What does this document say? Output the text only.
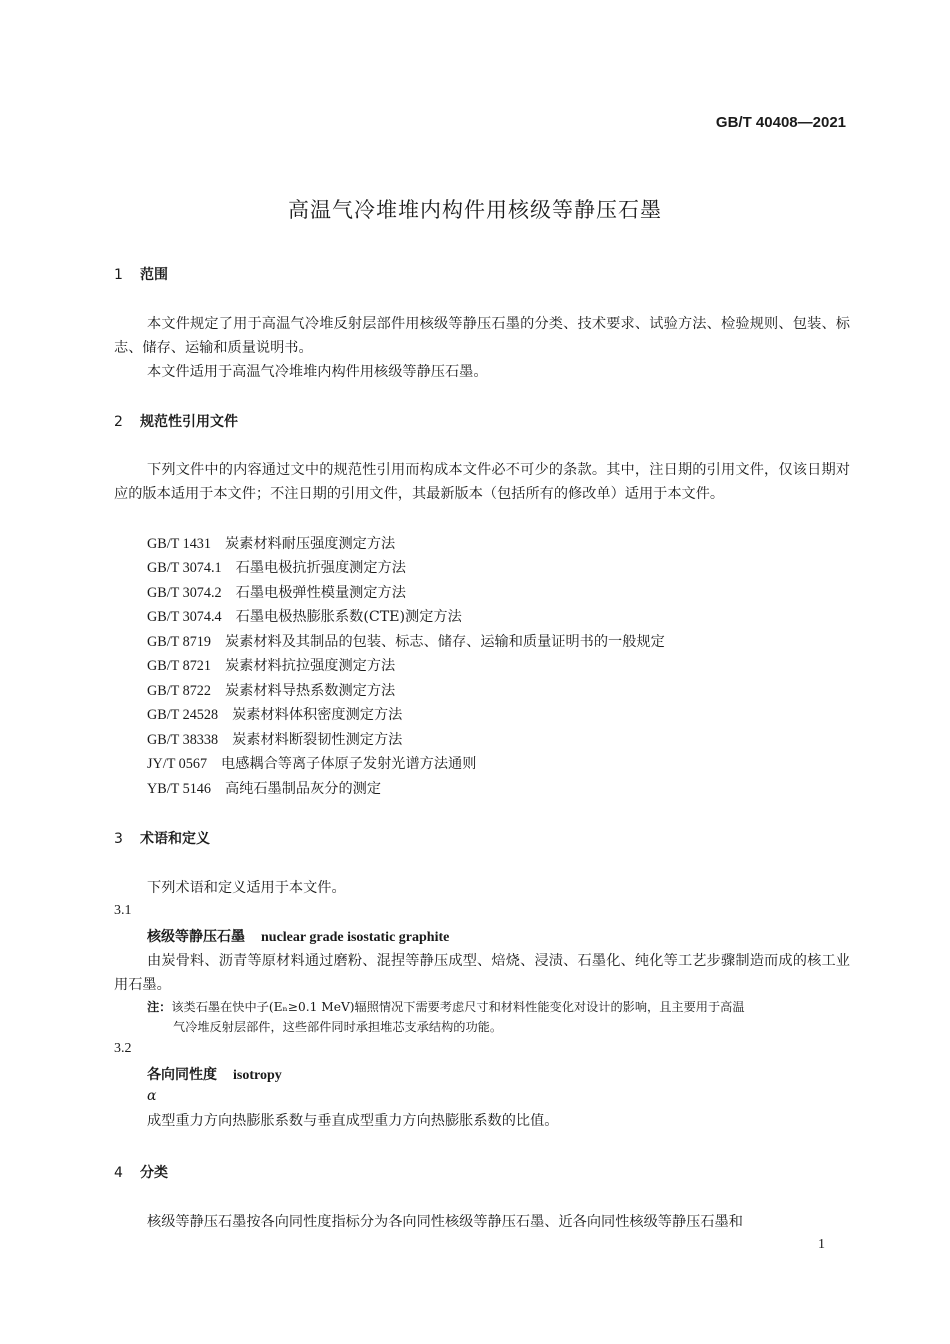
GB/T 40408—2021
高温气冷堆堆内构件用核级等静压石墨
1 范围
本文件规定了用于高温气冷堆反射层部件用核级等静压石墨的分类、技术要求、试验方法、检验规则、包装、标志、储存、运输和质量说明书。
本文件适用于高温气冷堆堆内构件用核级等静压石墨。
2 规范性引用文件
下列文件中的内容通过文中的规范性引用而构成本文件必不可少的条款。其中，注日期的引用文件，仅该日期对应的版本适用于本文件；不注日期的引用文件，其最新版本（包括所有的修改单）适用于本文件。
GB/T 1431 炭素材料耐压强度测定方法
GB/T 3074.1 石墨电极抗折强度测定方法
GB/T 3074.2 石墨电极弹性模量测定方法
GB/T 3074.4 石墨电极热膨胀系数(CTE)测定方法
GB/T 8719 炭素材料及其制品的包装、标志、储存、运输和质量证明书的一般规定
GB/T 8721 炭素材料抗拉强度测定方法
GB/T 8722 炭素材料导热系数测定方法
GB/T 24528 炭素材料体积密度测定方法
GB/T 38338 炭素材料断裂韧性测定方法
JY/T 0567 电感耦合等离子体原子发射光谱方法通则
YB/T 5146 高纯石墨制品灰分的测定
3 术语和定义
下列术语和定义适用于本文件。
3.1
核级等静压石墨 nuclear grade isostatic graphite
由炭骨料、沥青等原材料通过磨粉、混捏等静压成型、焙烧、浸渍、石墨化、纯化等工艺步骤制造而成的核工业用石墨。
注：该类石墨在快中子(Eₙ≥0.1 MeV)辐照情况下需要考虑尺寸和材料性能变化对设计的影响，且主要用于高温
气冷堆反射层部件，这些部件同时承担堆芯支承结构的功能。
3.2
各向同性度 isotropy
α
成型重力方向热膨胀系数与垂直成型重力方向热膨胀系数的比值。
4 分类
核级等静压石墨按各向同性度指标分为各向同性核级等静压石墨、近各向同性核级等静压石墨和
1
